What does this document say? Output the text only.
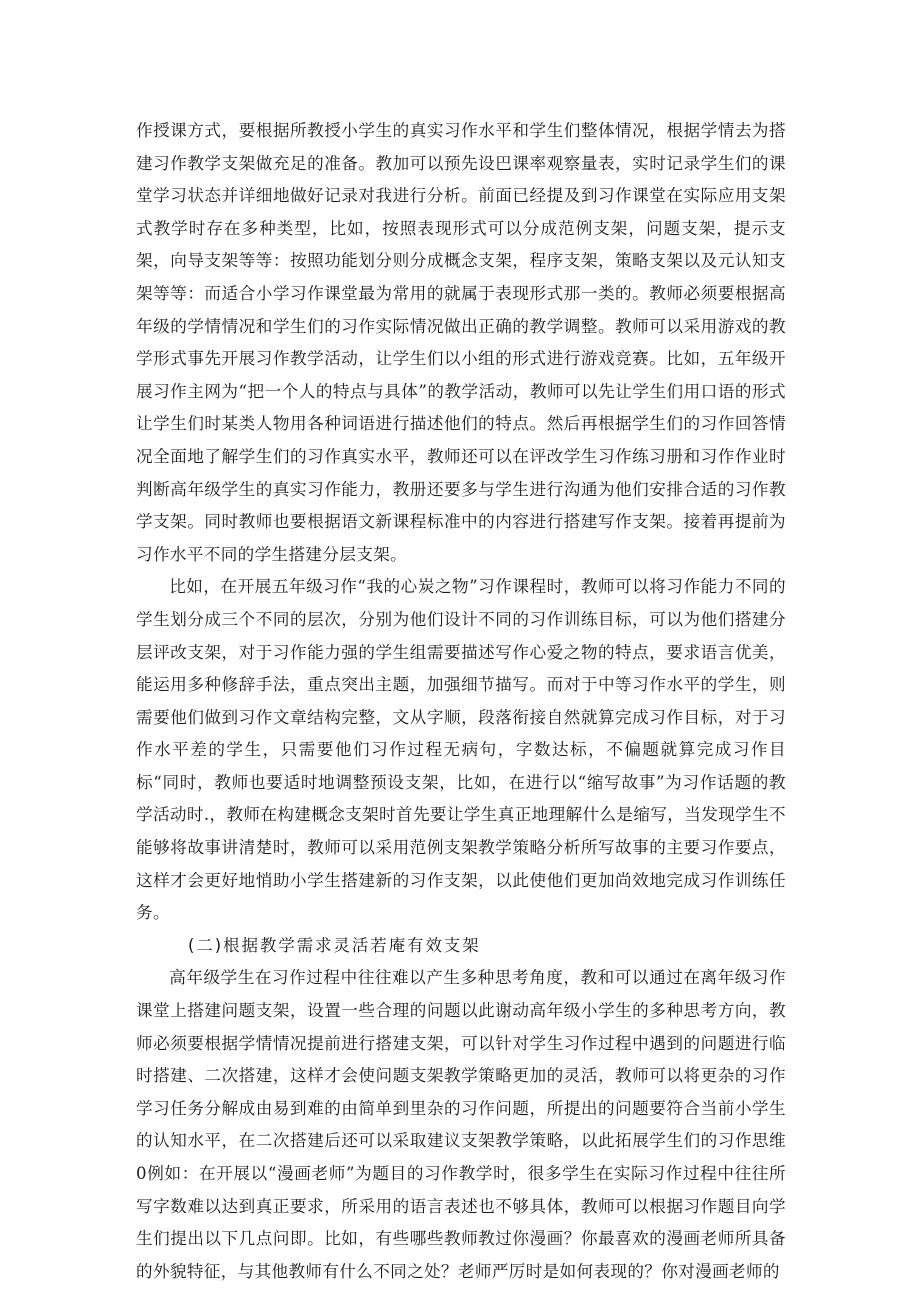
作授课方式，要根据所教授小学生的真实习作水平和学生们整体情况，根据学情去为搭建习作教学支架做充足的准备。教加可以预先设巴课率观察量表，实时记录学生们的课堂学习状态并详细地做好记录对我进行分析。前面已经提及到习作课堂在实际应用支架式教学时存在多种类型，比如，按照表现形式可以分成范例支架，问题支架，提示支架，向导支架等等：按照功能划分则分成概念支架，程序支架，策略支架以及元认知支架等等：而适合小学习作课堂最为常用的就属于表现形式那一类的。教师必须要根据高年级的学情情况和学生们的习作实际情况做出正确的教学调整。教师可以采用游戏的教学形式事先开展习作教学活动，让学生们以小组的形式进行游戏竞赛。比如，五年级开展习作主网为“把一个人的特点与具体”的教学活动，教师可以先让学生们用口语的形式让学生们时某类人物用各种词语进行描述他们的特点。然后再根据学生们的习作回答情况全面地了解学生们的习作真实水平，教师还可以在评改学生习作练习册和习作作业时判断高年级学生的真实习作能力，教册还要多与学生进行沟通为他们安排合适的习作教学支架。同时教师也要根据语文新课程标准中的内容进行搭建写作支架。接着再提前为习作水平不同的学生搭建分层支架。

比如，在开展五年级习作“我的心炭之物”习作课程时，教师可以将习作能力不同的学生划分成三个不同的层次，分别为他们设计不同的习作训练目标，可以为他们搭建分层评改支架，对于习作能力强的学生组需要描述写作心爱之物的特点，要求语言优美，能运用多种修辞手法，重点突出主题，加强细节描写。而对于中等习作水平的学生，则需要他们做到习作文章结构完整，文从字顺，段落衔接自然就算完成习作目标，对于习作水平差的学生，只需要他们习作过程无病句，字数达标，不偏题就算完成习作目标“同时，教师也要适时地调整预设支架，比如，在进行以“缩写故事”为习作话题的教学活动时.，教师在构建概念支架时首先要让学生真正地理解什么是缩写，当发现学生不能够将故事讲清楚时，教师可以采用范例支架教学策略分析所写故事的主要习作要点，这样才会更好地悄助小学生搭建新的习作支架，以此使他们更加尚效地完成习作训练任务。

(二)根据教学需求灵活若庵有效支架

高年级学生在习作过程中往往难以产生多种思考角度，教和可以通过在离年级习作课堂上搭建问题支架，设置一些合理的问题以此谢动高年级小学生的多种思考方向，教师必须要根据学情情况提前进行搭建支架，可以针对学生习作过程中遇到的问题进行临时搭建、二次搭建，这样才会使问题支架教学策略更加的灵活，教师可以将更杂的习作学习任务分解成由易到难的由简单到里杂的习作问题，所提出的问题要符合当前小学生的认知水平，在二次搭建后还可以采取建议支架教学策略，以此拓展学生们的习作思维0例如：在开展以“漫画老师”为题目的习作教学时，很多学生在实际习作过程中往往所写字数难以达到真正要求，所采用的语言表述也不够具体，教师可以根据习作题目向学生们提出以下几点问即。比如，有些哪些教师教过你漫画？你最喜欢的漫画老师所具备的外貌特征，与其他教师有什么不同之处？老师严厉时是如何表现的？你对漫画老师的
